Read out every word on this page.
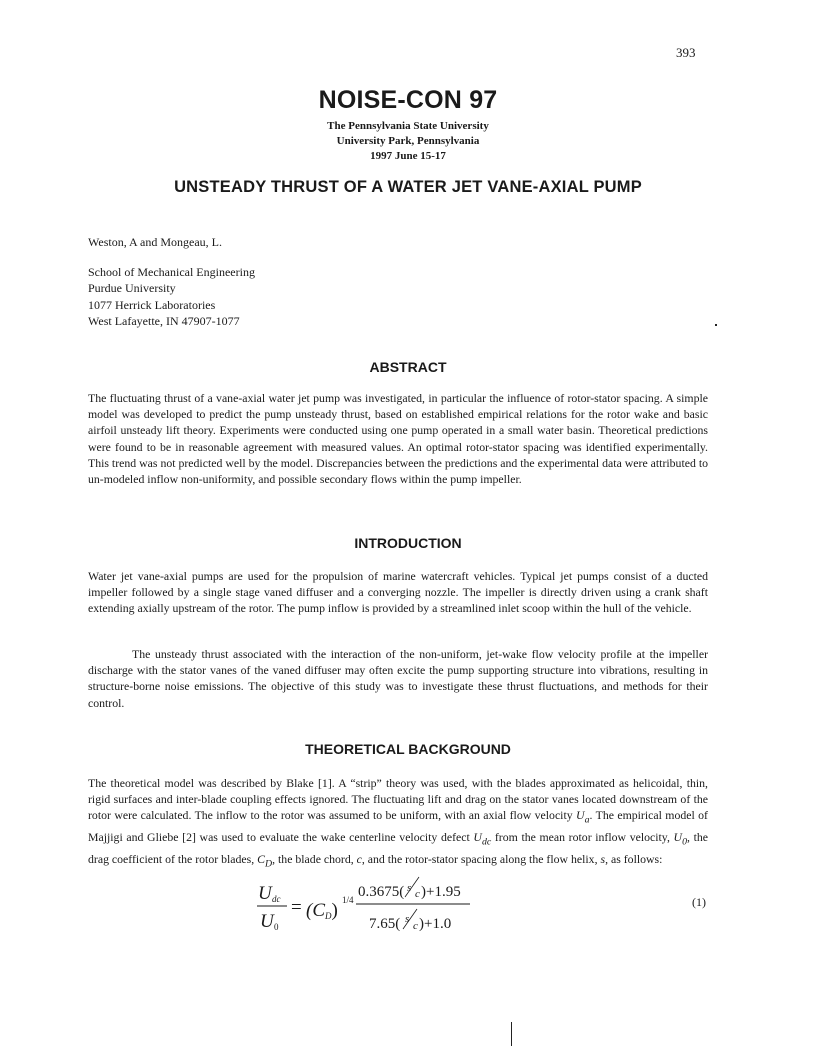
393
NOISE-CON 97
The Pennsylvania State University
University Park, Pennsylvania
1997 June 15-17
UNSTEADY THRUST OF A WATER JET VANE-AXIAL PUMP
Weston, A and Mongeau, L.
School of Mechanical Engineering
Purdue University
1077 Herrick Laboratories
West Lafayette, IN 47907-1077
ABSTRACT
The fluctuating thrust of a vane-axial water jet pump was investigated, in particular the influence of rotor-stator spacing. A simple model was developed to predict the pump unsteady thrust, based on established empirical relations for the rotor wake and basic airfoil unsteady lift theory. Experiments were conducted using one pump operated in a small water basin. Theoretical predictions were found to be in reasonable agreement with measured values. An optimal rotor-stator spacing was identified experimentally. This trend was not predicted well by the model. Discrepancies between the predictions and the experimental data were attributed to un-modeled inflow non-uniformity, and possible secondary flows within the pump impeller.
INTRODUCTION
Water jet vane-axial pumps are used for the propulsion of marine watercraft vehicles. Typical jet pumps consist of a ducted impeller followed by a single stage vaned diffuser and a converging nozzle. The impeller is directly driven using a crank shaft extending axially upstream of the rotor. The pump inflow is provided by a streamlined inlet scoop within the hull of the vehicle.
The unsteady thrust associated with the interaction of the non-uniform, jet-wake flow velocity profile at the impeller discharge with the stator vanes of the vaned diffuser may often excite the pump supporting structure into vibrations, resulting in structure-borne noise emissions. The objective of this study was to investigate these thrust fluctuations, and methods for their control.
THEORETICAL BACKGROUND
The theoretical model was described by Blake [1]. A “strip” theory was used, with the blades approximated as helicoidal, thin, rigid surfaces and inter-blade coupling effects ignored. The fluctuating lift and drag on the stator vanes located downstream of the rotor were calculated. The inflow to the rotor was assumed to be uniform, with an axial flow velocity $U_a$. The empirical model of Majjigi and Gliebe [2] was used to evaluate the wake centerline velocity defect $U_{dc}$ from the mean rotor inflow velocity, $U_0$, the drag coefficient of the rotor blades, $C_D$, the blade chord, c, and the rotor-stator spacing along the flow helix, s, as follows:
U dc
U 0
= (CD) 1/4 0.3675( s c )+1.95
7.65( s
c )+1.0
(1)
